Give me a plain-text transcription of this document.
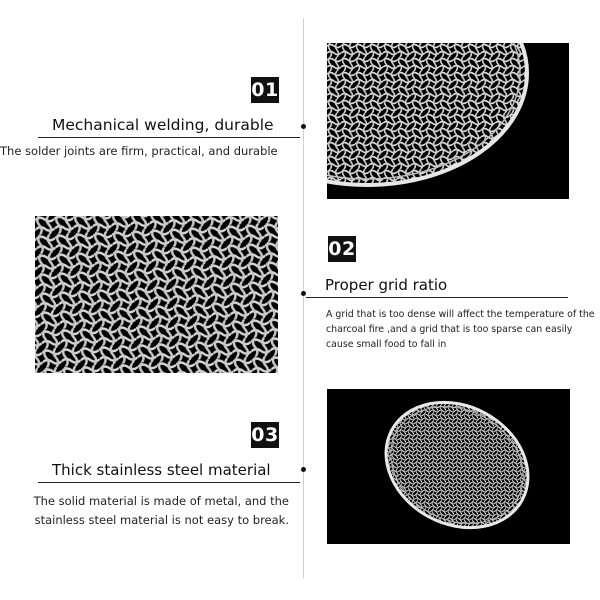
01
Mechanical welding, durable
The solder joints are firm, practical, and durable
02
Proper grid ratio
A grid that is too dense will affect the temperature of the charcoal fire ,and a grid that is too sparse can easily cause small food to fall in
03
Thick stainless steel material
The solid material is made of metal, and the stainless steel material is not easy to break.
